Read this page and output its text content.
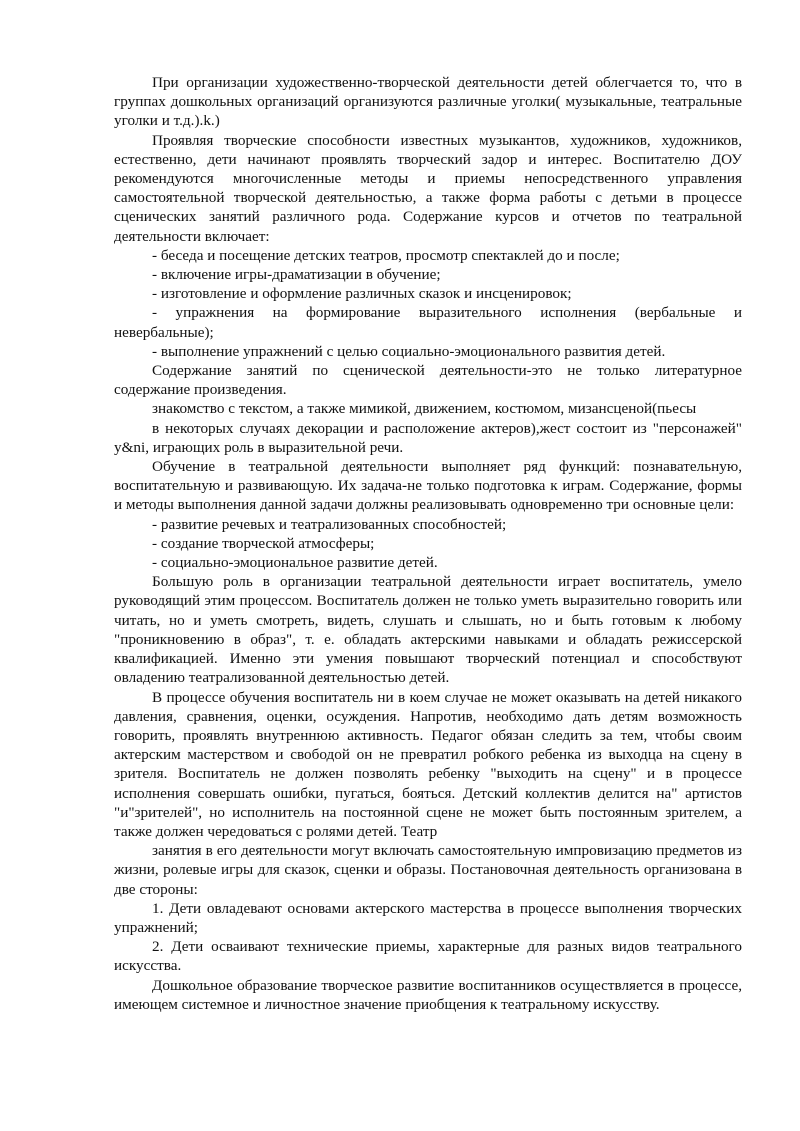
При организации художественно-творческой деятельности детей облегчается то, что в группах дошкольных организаций организуются различные уголки( музыкальные, театральные уголки и т.д.).k.)

Проявляя творческие способности известных музыкантов, художников, художников, естественно, дети начинают проявлять творческий задор и интерес. Воспитателю ДОУ рекомендуются многочисленные методы и приемы непосредственного управления самостоятельной творческой деятельностью, а также форма работы с детьми в процессе сценических занятий различного рода. Содержание курсов и отчетов по театральной деятельности включает:

- беседа и посещение детских театров, просмотр спектаклей до и после;

- включение игры-драматизации в обучение;

- изготовление и оформление различных сказок и инсценировок;

- упражнения на формирование выразительного исполнения (вербальные и невербальные);

- выполнение упражнений с целью социально-эмоционального развития детей.

Содержание занятий по сценической деятельности-это не только литературное содержание произведения.

знакомство с текстом, а также мимикой, движением, костюмом, мизансценой(пьесы

в некоторых случаях декорации и расположение актеров),жест состоит из "персонажей" y&ni, играющих роль в выразительной речи.

Обучение в театральной деятельности выполняет ряд функций: познавательную, воспитательную и развивающую. Их задача-не только подготовка к играм. Содержание, формы и методы выполнения данной задачи должны реализовывать одновременно три основные цели:

- развитие речевых и театрализованных способностей;

- создание творческой атмосферы;

- социально-эмоциональное развитие детей.

Большую роль в организации театральной деятельности играет воспитатель, умело руководящий этим процессом. Воспитатель должен не только уметь выразительно говорить или читать, но и уметь смотреть, видеть, слушать и слышать, но и быть готовым к любому "проникновению в образ", т. е. обладать актерскими навыками и обладать режиссерской квалификацией. Именно эти умения повышают творческий потенциал и способствуют овладению театрализованной деятельностью детей.

В процессе обучения воспитатель ни в коем случае не может оказывать на детей никакого давления, сравнения, оценки, осуждения. Напротив, необходимо дать детям возможность говорить, проявлять внутреннюю активность. Педагог обязан следить за тем, чтобы своим актерским мастерством и свободой он не превратил робкого ребенка из выходца на сцену в зрителя. Воспитатель не должен позволять ребенку "выходить на сцену" и в процессе исполнения совершать ошибки, пугаться, бояться. Детский коллектив делится на" артистов "и"зрителей", но исполнитель на постоянной сцене не может быть постоянным зрителем, а также должен чередоваться с ролями детей. Театр

занятия в его деятельности могут включать самостоятельную импровизацию предметов из жизни, ролевые игры для сказок, сценки и образы. Постановочная деятельность организована в две стороны:

1. Дети овладевают основами актерского мастерства в процессе выполнения творческих упражнений;

2. Дети осваивают технические приемы, характерные для разных видов театрального искусства.

Дошкольное образование творческое развитие воспитанников осуществляется в процессе, имеющем системное и личностное значение приобщения к театральному искусству.
